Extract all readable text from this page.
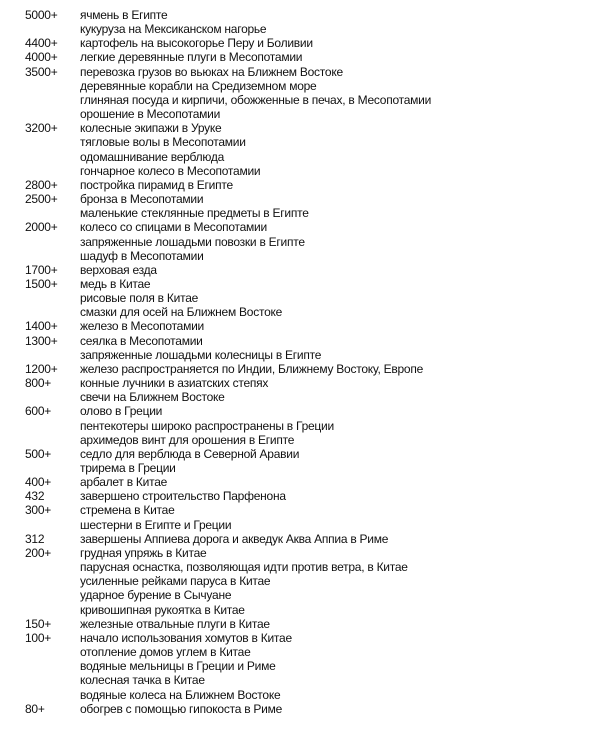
5000+	ячмень в Египте
кукуруза на Мексиканском нагорье
4400+	картофель на высокогорье Перу и Боливии
4000+	легкие деревянные плуги в Месопотамии
3500+	перевозка грузов во вьюках на Ближнем Востоке
деревянные корабли на Средиземном море
глиняная посуда и кирпичи, обожженные в печах, в Месопотамии
орошение в Месопотамии
3200+	колесные экипажи в Уруке
тягловые волы в Месопотамии
одомашнивание верблюда
гончарное колесо в Месопотамии
2800+	постройка пирамид в Египте
2500+	бронза в Месопотамии
маленькие стеклянные предметы в Египте
2000+	колесо со спицами в Месопотамии
запряженные лошадьми повозки в Египте
шадуф в Месопотамии
1700+	верховая езда
1500+	медь в Китае
рисовые поля в Китае
смазки для осей на Ближнем Востоке
1400+	железо в Месопотамии
1300+	сеялка в Месопотамии
запряженные лошадьми колесницы в Египте
1200+	железо распространяется по Индии, Ближнему Востоку, Европе
800+	конные лучники в азиатских степях
свечи на Ближнем Востоке
600+	олово в Греции
пентекотеры широко распространены в Греции
архимедов винт для орошения в Египте
500+	седло для верблюда в Северной Аравии
трирема в Греции
400+	арбалет в Китае
432	завершено строительство Парфенона
300+	стремена в Китае
шестерни в Египте и Греции
312	завершены Аппиева дорога и акведук Аква Аппиа в Риме
200+	грудная упряжь в Китае
парусная оснастка, позволяющая идти против ветра, в Китае
усиленные рейками паруса в Китае
ударное бурение в Сычуане
кривошипная рукоятка в Китае
150+	железные отвальные плуги в Китае
100+	начало использования хомутов в Китае
отопление домов углем в Китае
водяные мельницы в Греции и Риме
колесная тачка в Китае
водяные колеса на Ближнем Востоке
80+	обогрев с помощью гипокоста в Риме
